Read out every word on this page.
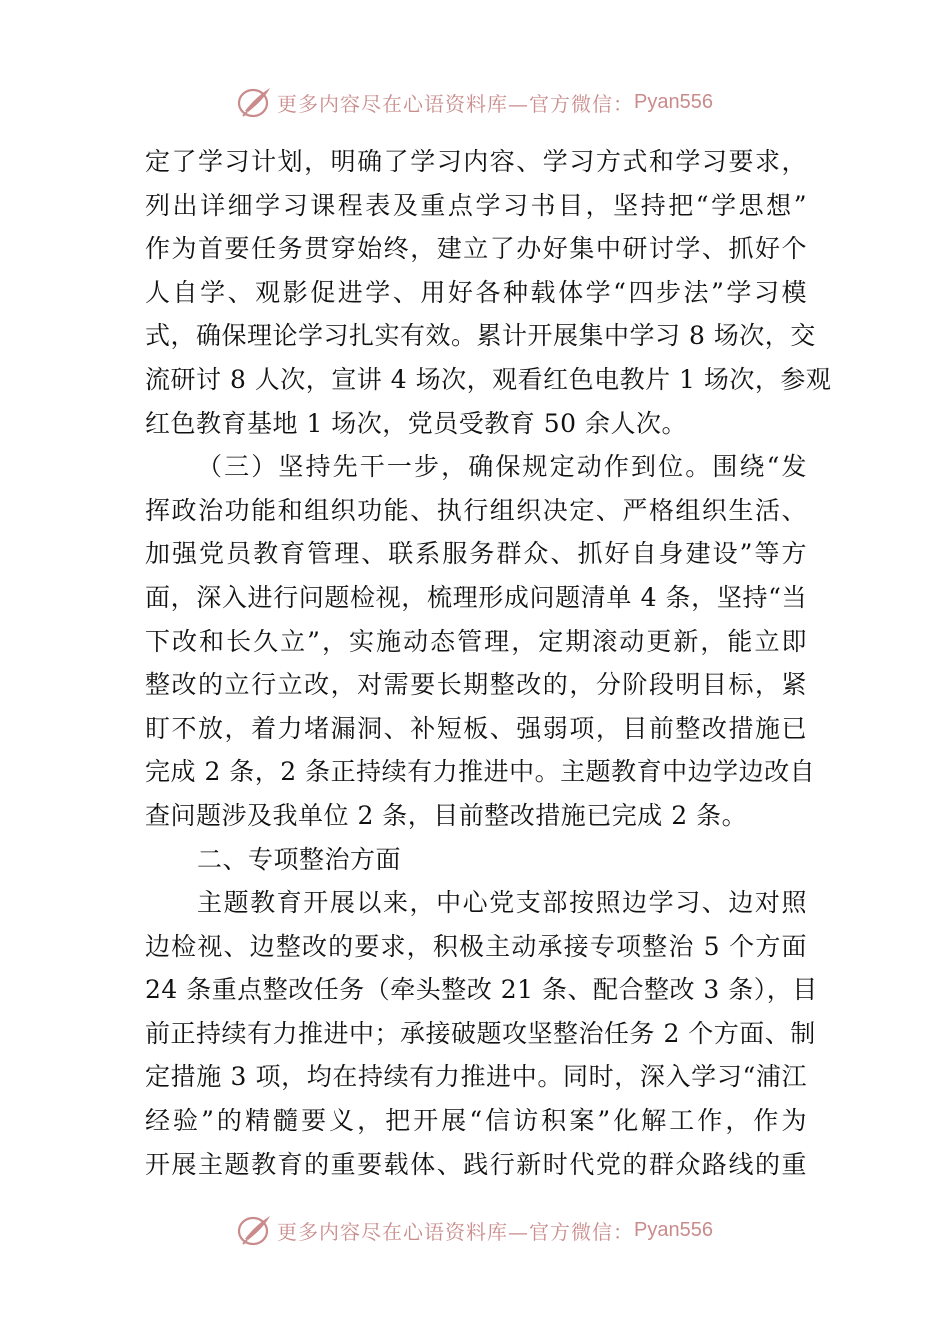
更多内容尽在心语资料库—官方微信： Pyan556
定了学习计划，明确了学习内容、学习方式和学习要求，
列出详细学习课程表及重点学习书目，坚持把“学思想”
作为首要任务贯穿始终，建立了办好集中研讨学、抓好个
人自学、观影促进学、用好各种载体学“四步法”学习模
式，确保理论学习扎实有效。累计开展集中学习 8 场次，交
流研讨 8 人次，宣讲 4 场次，观看红色电教片 1 场次，参观
红色教育基地 1 场次，党员受教育 50 余人次。
（三）坚持先干一步，确保规定动作到位。围绕“发
挥政治功能和组织功能、执行组织决定、严格组织生活、
加强党员教育管理、联系服务群众、抓好自身建设”等方
面，深入进行问题检视，梳理形成问题清单 4 条，坚持“当
下改和长久立”，实施动态管理，定期滚动更新，能立即
整改的立行立改，对需要长期整改的，分阶段明目标，紧
盯不放，着力堵漏洞、补短板、强弱项，目前整改措施已
完成 2 条，2 条正持续有力推进中。主题教育中边学边改自
查问题涉及我单位 2 条，目前整改措施已完成 2 条。
二、专项整治方面
主题教育开展以来，中心党支部按照边学习、边对照
边检视、边整改的要求，积极主动承接专项整治 5 个方面
24 条重点整改任务（牵头整改 21 条、配合整改 3 条），目
前正持续有力推进中；承接破题攻坚整治任务 2 个方面、制
定措施 3 项，均在持续有力推进中。同时，深入学习“浦江
经验”的精髓要义，把开展“信访积案”化解工作，作为
开展主题教育的重要载体、践行新时代党的群众路线的重
更多内容尽在心语资料库—官方微信： Pyan556
